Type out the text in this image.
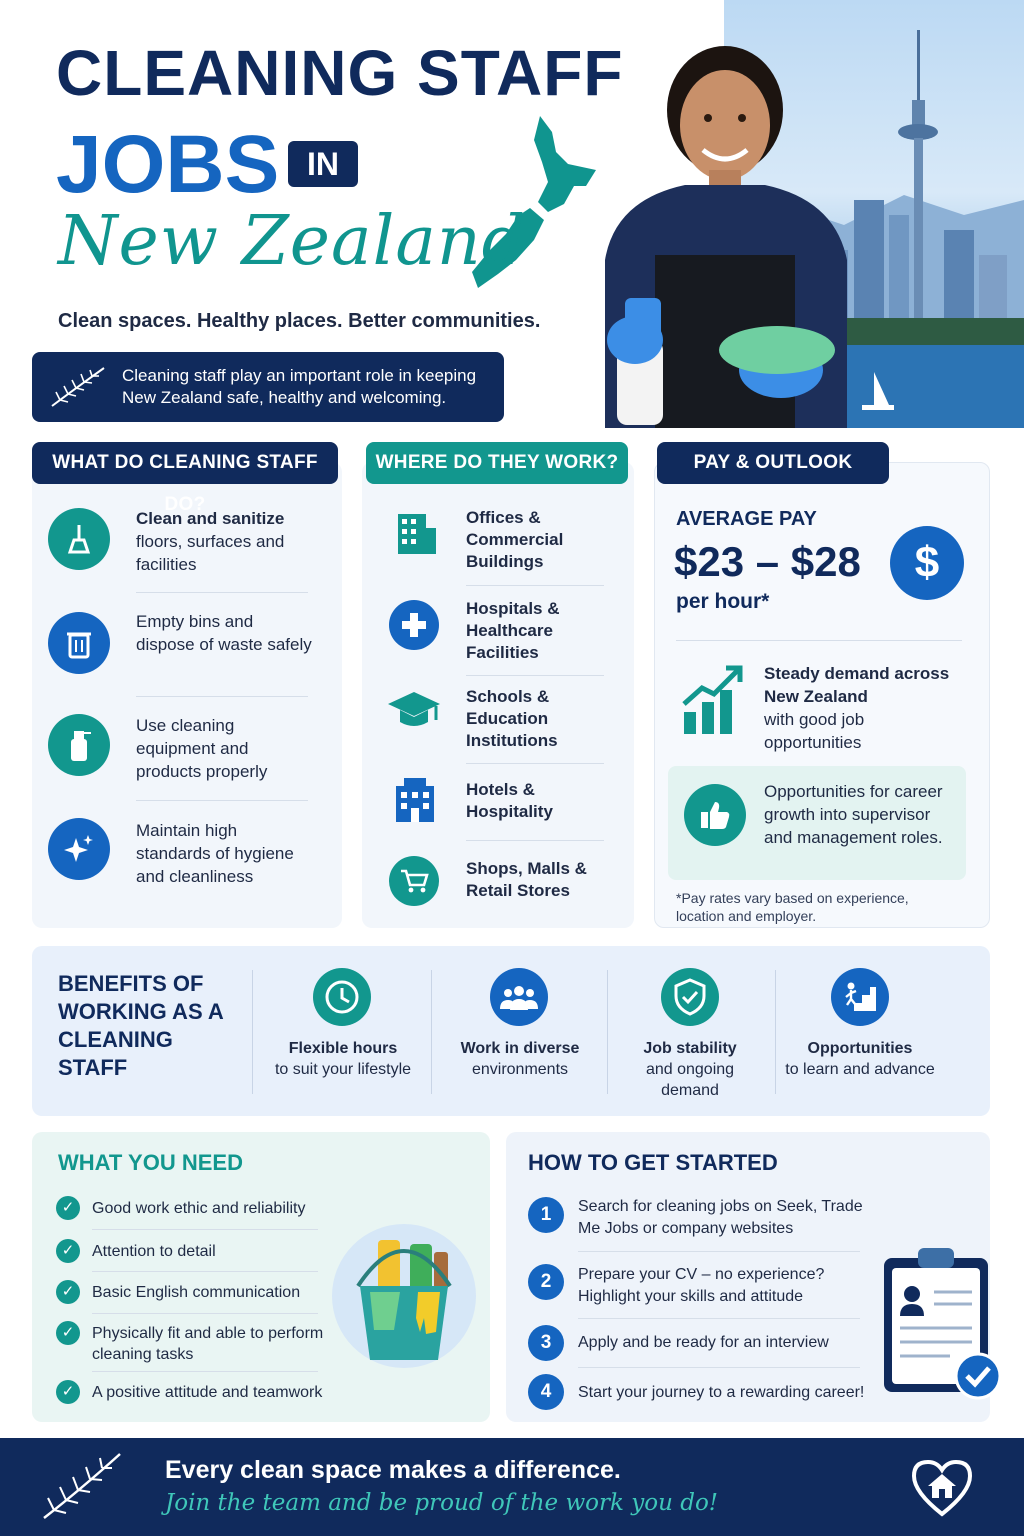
CLEANING STAFF
JOBS IN
New Zealand
Clean spaces. Healthy places. Better communities.
Cleaning staff play an important role in keeping New Zealand safe, healthy and welcoming.
WHAT DO CLEANING STAFF DO?
Clean and sanitize
floors, surfaces and facilities
Empty bins and dispose of waste safely
Use cleaning equipment and products properly
Maintain high standards of hygiene and cleanliness
WHERE DO THEY WORK?
Offices & Commercial Buildings
Hospitals & Healthcare Facilities
Schools & Education Institutions
Hotels & Hospitality
Shops, Malls & Retail Stores
PAY & OUTLOOK
AVERAGE PAY
$23 – $28
per hour*
$
Steady demand across New Zealand
with good job opportunities
Opportunities for career growth into supervisor and management roles.
*Pay rates vary based on experience, location and employer.
BENEFITS OF WORKING AS A CLEANING STAFF
Flexible hours
to suit your lifestyle
Work in diverse
environments
Job stability
and ongoing demand
Opportunities
to learn and advance
WHAT YOU NEED
✓	Good work ethic and reliability
✓	Attention to detail
✓	Basic English communication
✓	Physically fit and able to perform cleaning tasks
✓	A positive attitude and teamwork
HOW TO GET STARTED
1	Search for cleaning jobs on Seek, Trade Me Jobs or company websites
2	Prepare your CV – no experience? Highlight your skills and attitude
3	Apply and be ready for an interview
4	Start your journey to a rewarding career!
Every clean space makes a difference.
Join the team and be proud of the work you do!
